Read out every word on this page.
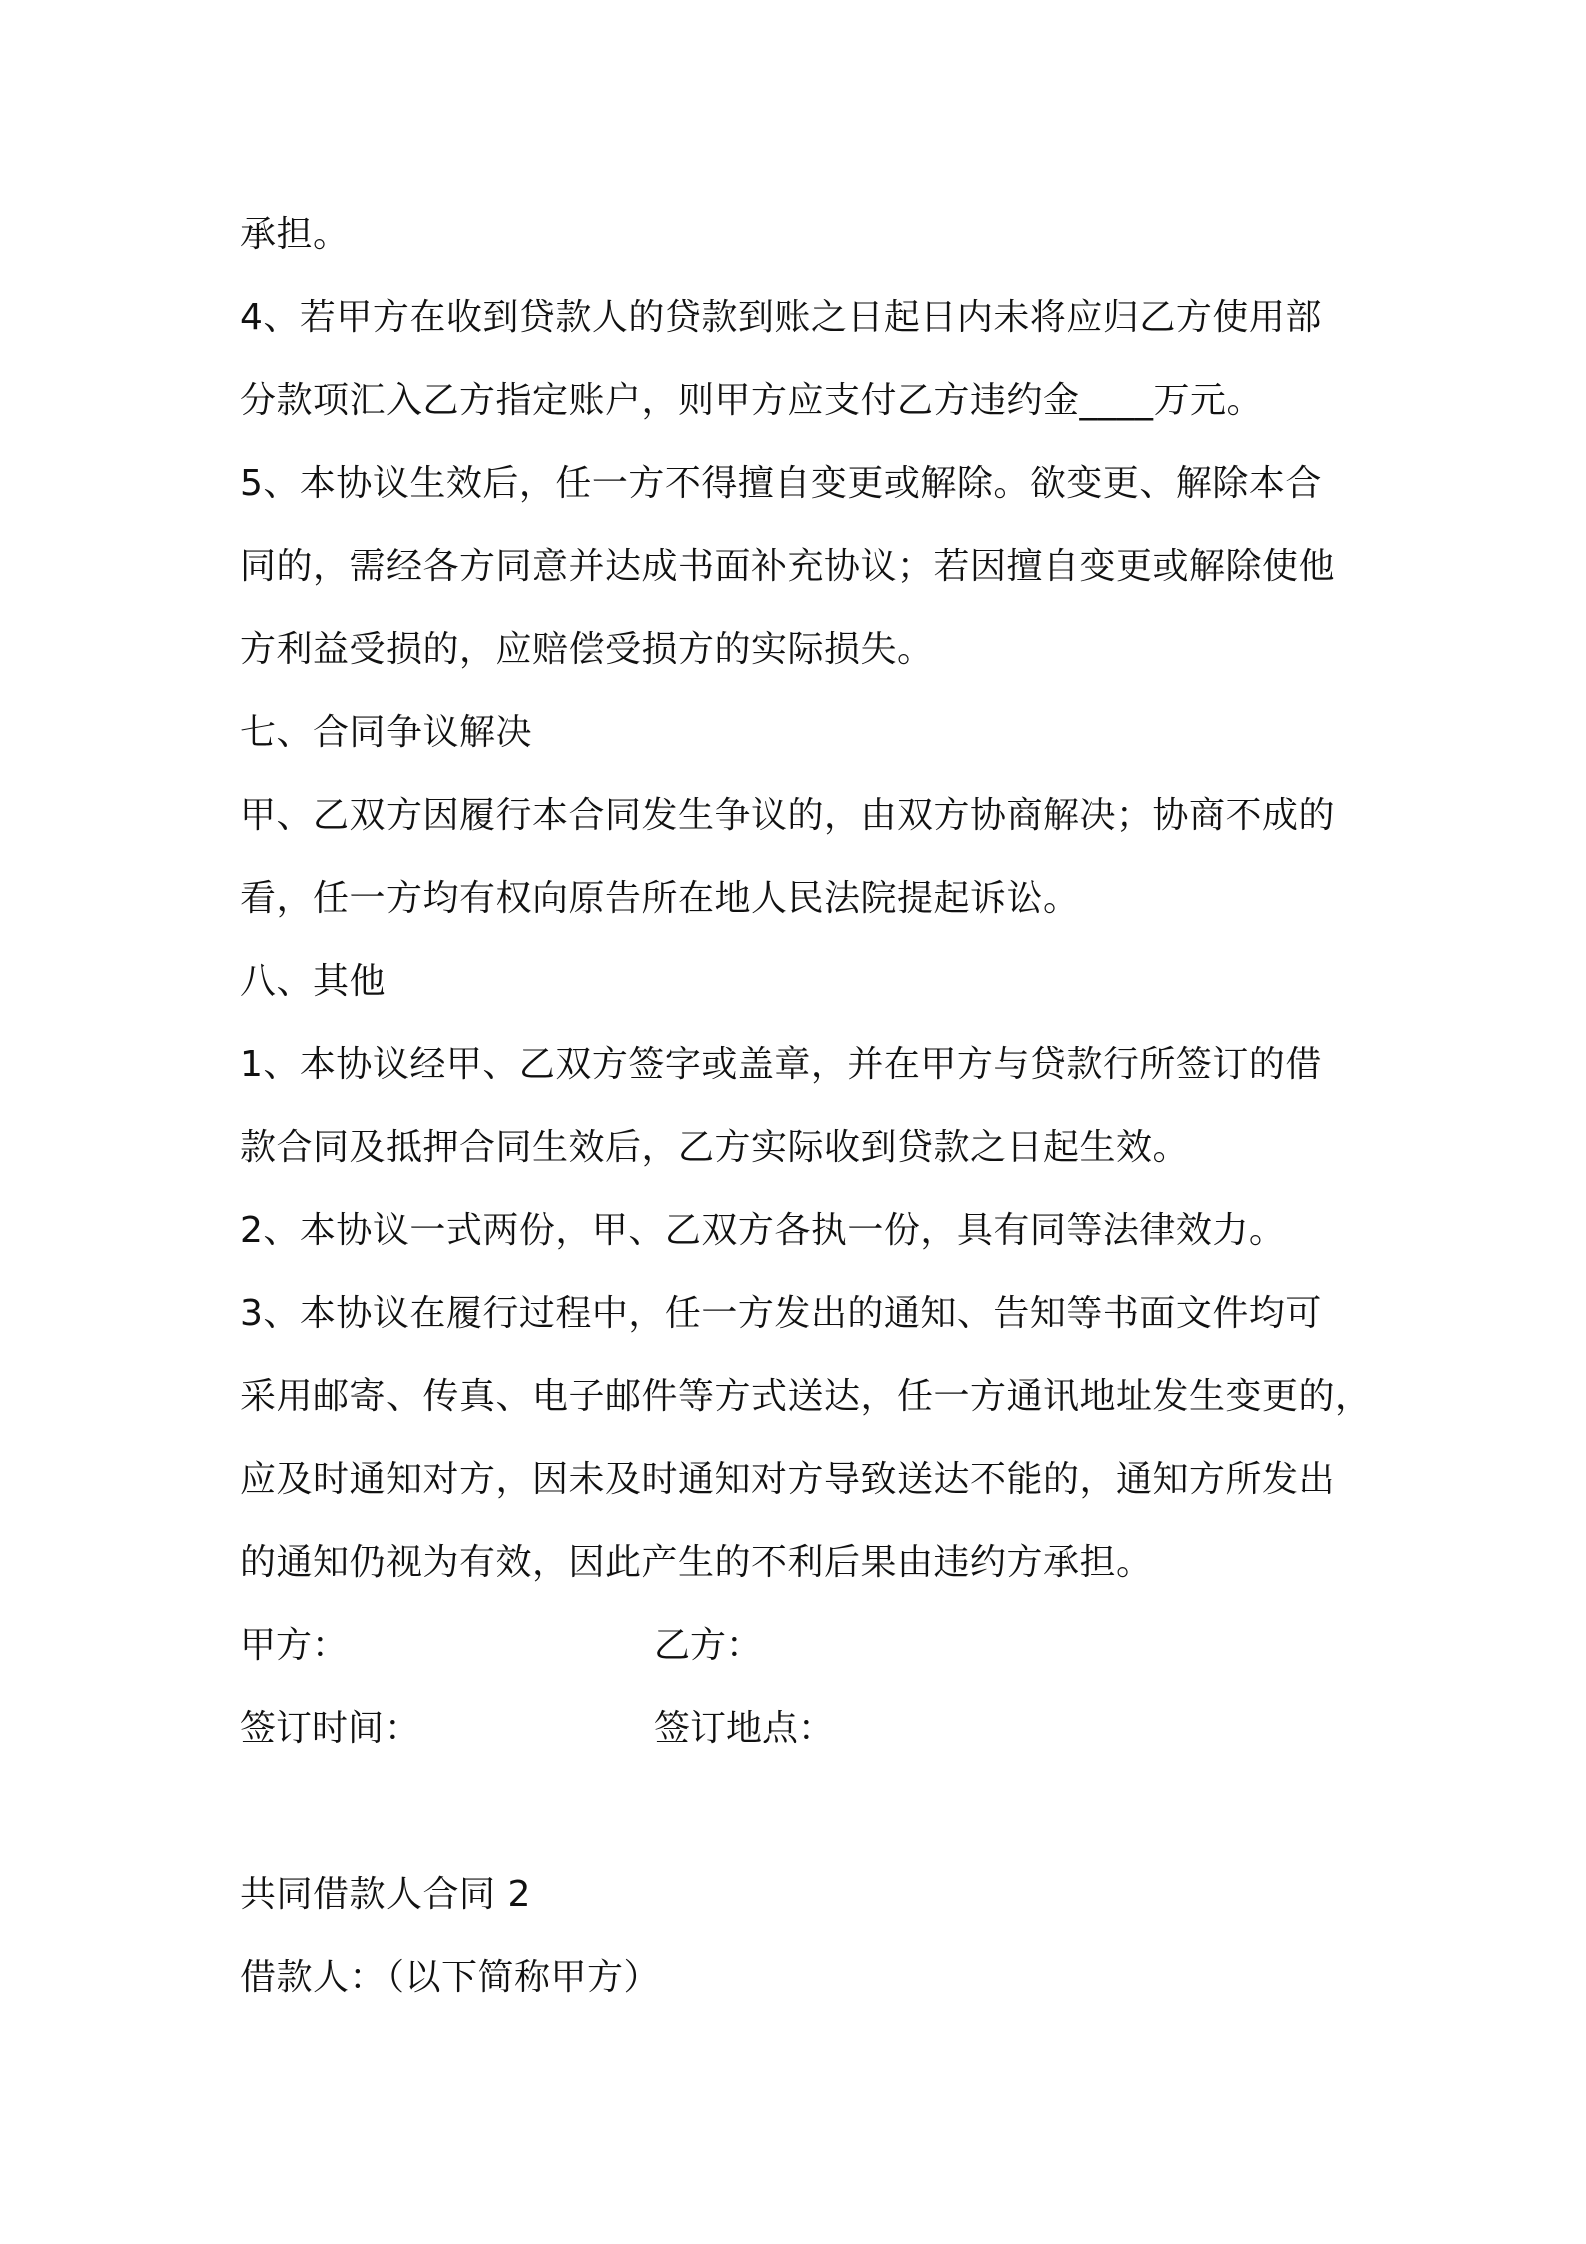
承担。
4、若甲方在收到贷款人的贷款到账之日起日内未将应归乙方使用部
分款项汇入乙方指定账户，则甲方应支付乙方违约金____万元。
5、本协议生效后，任一方不得擅自变更或解除。欲变更、解除本合
同的，需经各方同意并达成书面补充协议；若因擅自变更或解除使他
方利益受损的，应赔偿受损方的实际损失。
七、合同争议解决
甲、乙双方因履行本合同发生争议的，由双方协商解决；协商不成的
看，任一方均有权向原告所在地人民法院提起诉讼。
八、其他
1、本协议经甲、乙双方签字或盖章，并在甲方与贷款行所签订的借
款合同及抵押合同生效后，乙方实际收到贷款之日起生效。
2、本协议一式两份，甲、乙双方各执一份，具有同等法律效力。
3、本协议在履行过程中，任一方发出的通知、告知等书面文件均可
采用邮寄、传真、电子邮件等方式送达，任一方通讯地址发生变更的，
应及时通知对方，因未及时通知对方导致送达不能的，通知方所发出
的通知仍视为有效，因此产生的不利后果由违约方承担。
甲方：	乙方：
签订时间：	签订地点：
共同借款人合同 2
借款人：（以下简称甲方）
